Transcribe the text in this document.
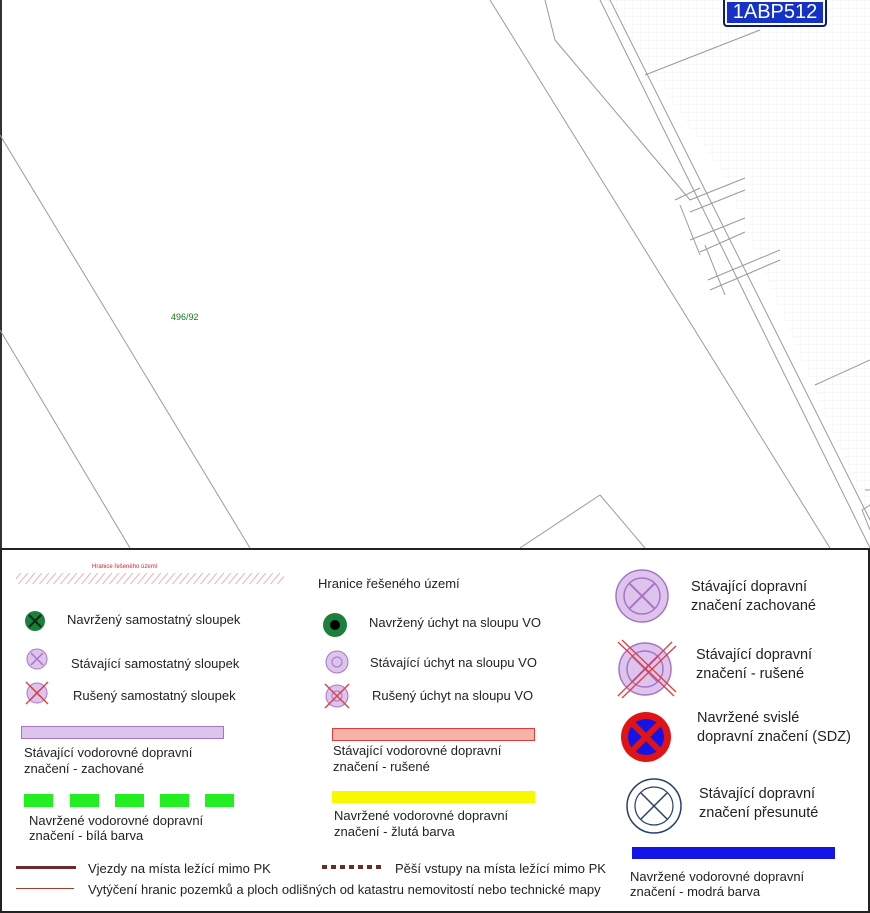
496/92
1ABP512
Hranice řešeného území
Hranice řešeného území
Navržený samostatný sloupek
Stávající samostatný sloupek
Rušený samostatný sloupek
Navržený úchyt na sloupu VO
Stávající úchyt na sloupu VO
Rušený úchyt na sloupu VO
Stávající vodorovné dopravní
značení - zachované
Stávající vodorovné dopravní
značení - rušené
Navržené vodorovné dopravní
značení - bílá barva
Navržené vodorovné dopravní
značení - žlutá barva
Stávající dopravní
značení zachované
Stávající dopravní
značení - rušené
Navržené svislé
dopravní značení (SDZ)
Stávající dopravní
značení přesunuté
Navržené vodorovné dopravní
značení - modrá barva
Vjezdy na místa ležící mimo PK	Pěší vstupy na místa ležící mimo PK
Vytýčení hranic pozemků a ploch odlišných od katastru nemovitostí nebo technické mapy
